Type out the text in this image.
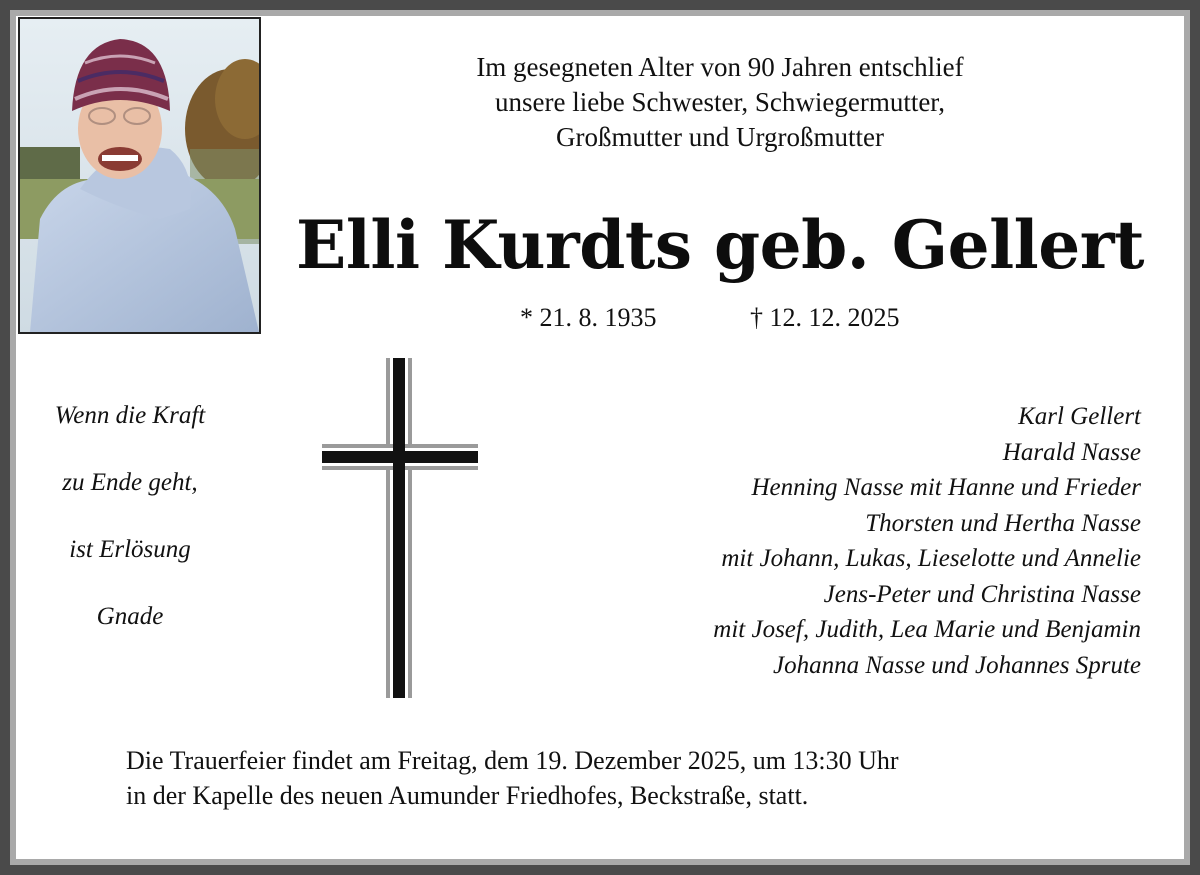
Im gesegneten Alter von 90 Jahren entschlief
unsere liebe Schwester, Schwiegermutter,
Großmutter und Urgroßmutter
Elli Kurdts geb. Gellert
* 21. 8. 1935	† 12. 12. 2025
Wenn die Kraft
zu Ende geht,
ist Erlösung
Gnade
Karl Gellert
Harald Nasse
Henning Nasse mit Hanne und Frieder
Thorsten und Hertha Nasse
mit Johann, Lukas, Lieselotte und Annelie
Jens-Peter und Christina Nasse
mit Josef, Judith, Lea Marie und Benjamin
Johanna Nasse und Johannes Sprute
Die Trauerfeier findet am Freitag, dem 19. Dezember 2025, um 13:30 Uhr
in der Kapelle des neuen Aumunder Friedhofes, Beckstraße, statt.
